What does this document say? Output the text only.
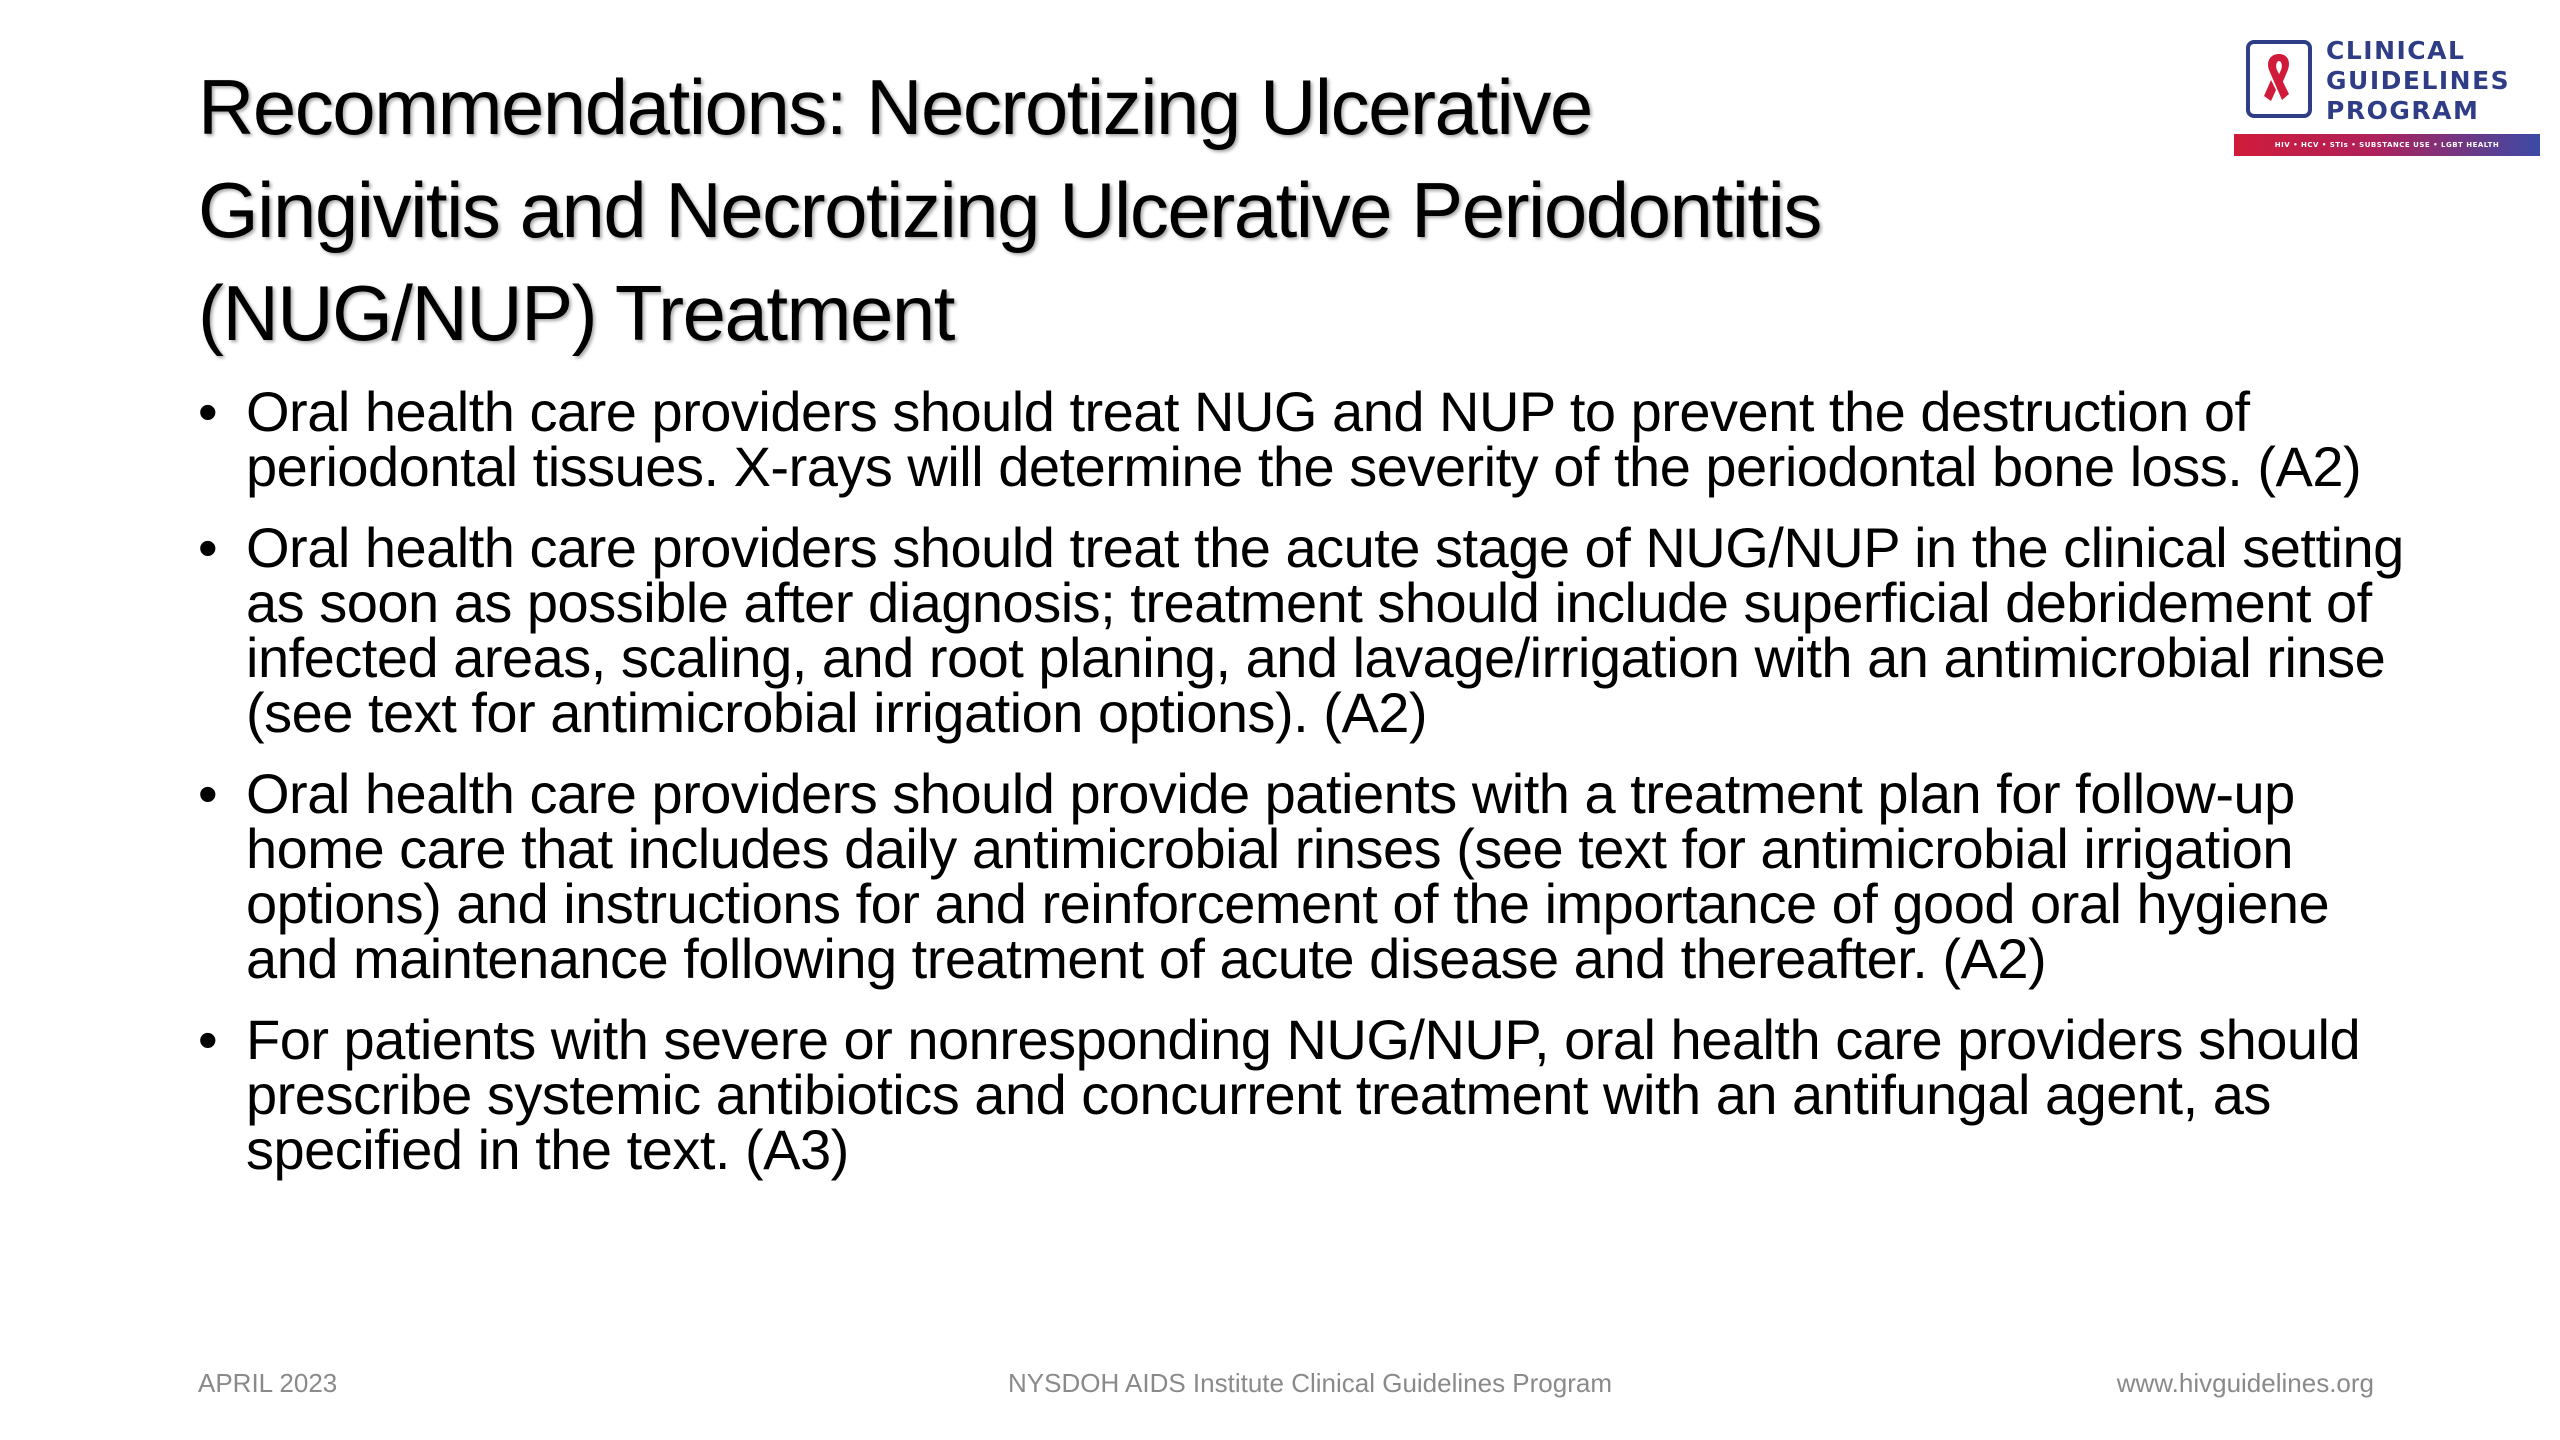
Recommendations: Necrotizing Ulcerative
Gingivitis and Necrotizing Ulcerative Periodontitis
(NUG/NUP) Treatment
CLINICAL
GUIDELINES
PROGRAM
HIV • HCV • STIs • SUBSTANCE USE • LGBT HEALTH
• Oral health care providers should treat NUG and NUP to prevent the destruction of periodontal tissues. X-rays will determine the severity of the periodontal bone loss. (A2)
• Oral health care providers should treat the acute stage of NUG/NUP in the clinical setting as soon as possible after diagnosis; treatment should include superficial debridement of infected areas, scaling, and root planing, and lavage/irrigation with an antimicrobial rinse (see text for antimicrobial irrigation options). (A2)
• Oral health care providers should provide patients with a treatment plan for follow-up home care that includes daily antimicrobial rinses (see text for antimicrobial irrigation options) and instructions for and reinforcement of the importance of good oral hygiene and maintenance following treatment of acute disease and thereafter. (A2)
• For patients with severe or nonresponding NUG/NUP, oral health care providers should prescribe systemic antibiotics and concurrent treatment with an antifungal agent, as specified in the text. (A3)
APRIL 2023	NYSDOH AIDS Institute Clinical Guidelines Program	www.hivguidelines.org
